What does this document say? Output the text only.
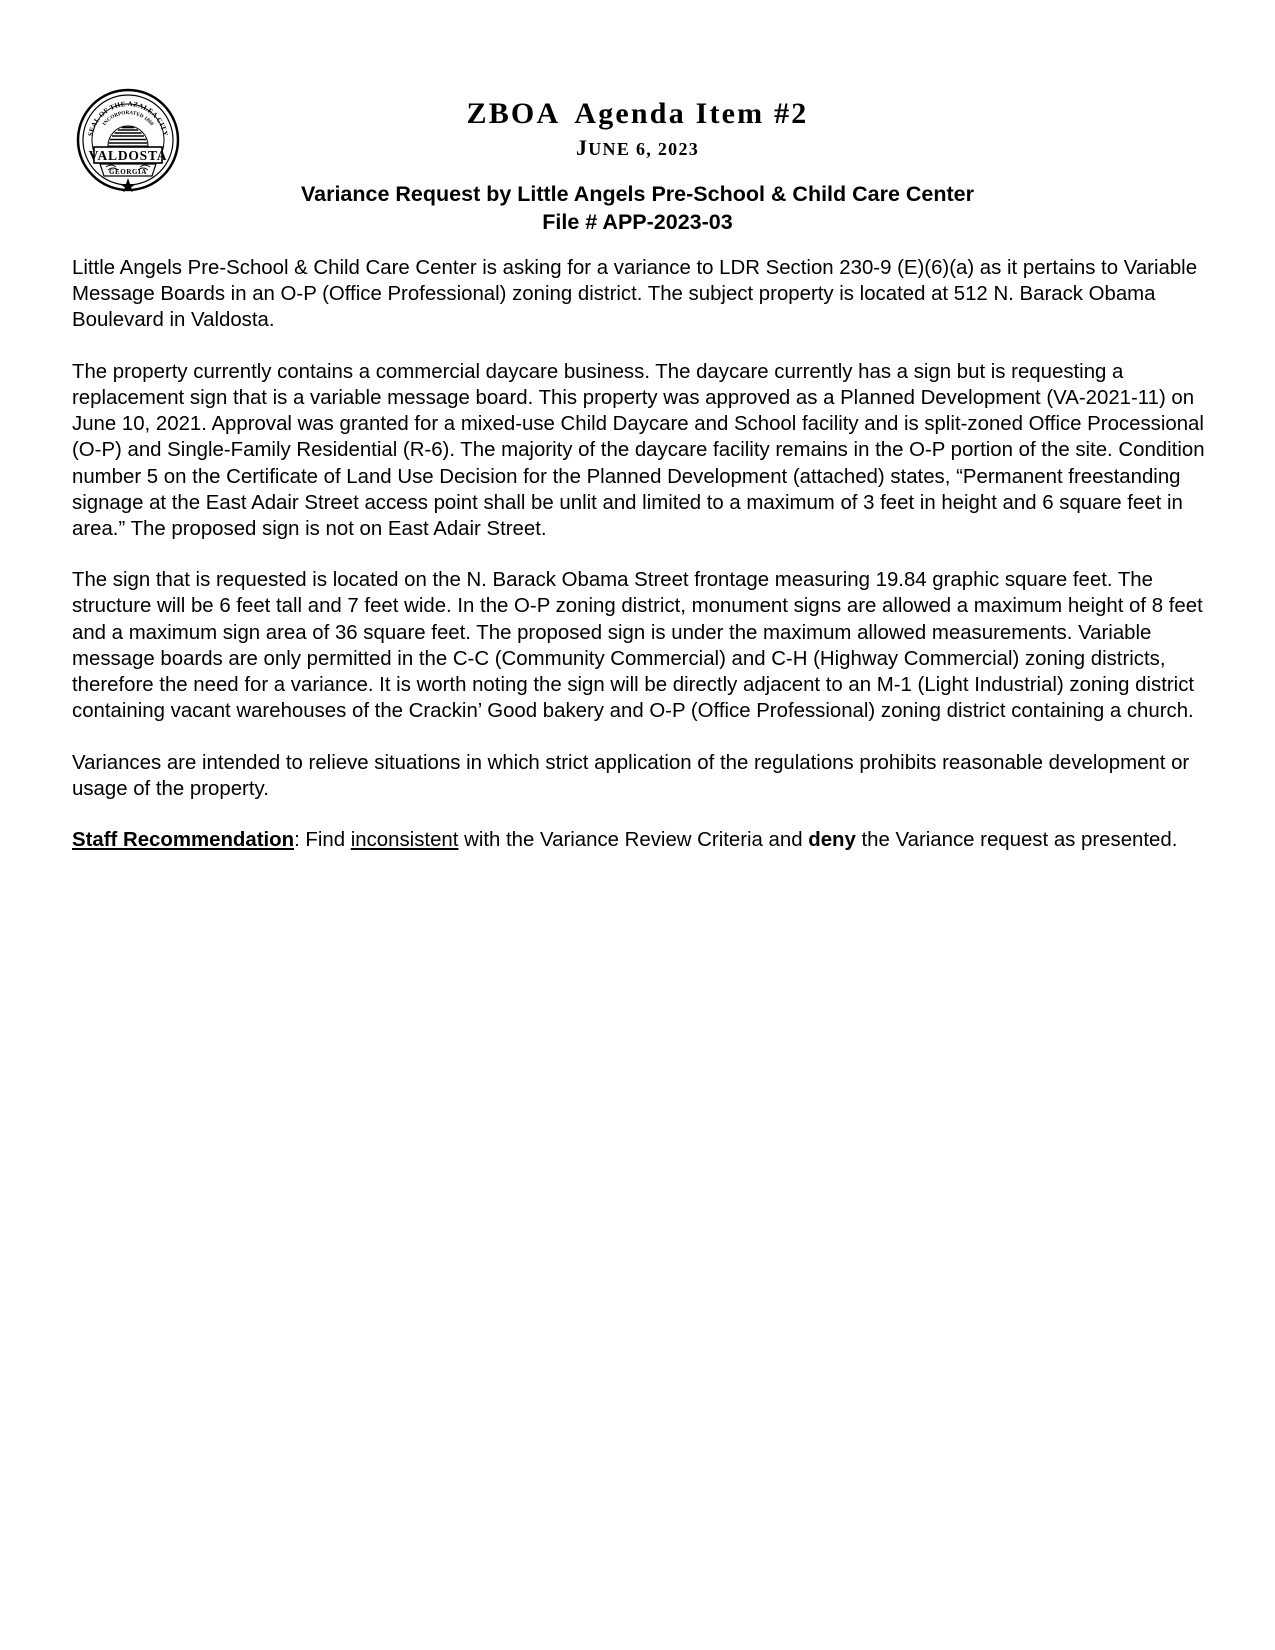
SEAL OF THE AZALEA CITY
INCORPORATED 1860
VALDOSTA
GEORGIA
ZBOA Agenda Item #2
JUNE 6, 2023
Variance Request by Little Angels Pre-School & Child Care Center
File # APP-2023-03

Little Angels Pre-School & Child Care Center is asking for a variance to LDR Section 230-9 (E)(6)(a) as it pertains to Variable Message Boards in an O-P (Office Professional) zoning district. The subject property is located at 512 N. Barack Obama Boulevard in Valdosta.

The property currently contains a commercial daycare business. The daycare currently has a sign but is requesting a replacement sign that is a variable message board. This property was approved as a Planned Development (VA-2021-11) on June 10, 2021. Approval was granted for a mixed-use Child Daycare and School facility and is split-zoned Office Processional (O-P) and Single-Family Residential (R-6). The majority of the daycare facility remains in the O-P portion of the site. Condition number 5 on the Certificate of Land Use Decision for the Planned Development (attached) states, “Permanent freestanding signage at the East Adair Street access point shall be unlit and limited to a maximum of 3 feet in height and 6 square feet in area.” The proposed sign is not on East Adair Street.

The sign that is requested is located on the N. Barack Obama Street frontage measuring 19.84 graphic square feet. The structure will be 6 feet tall and 7 feet wide. In the O-P zoning district, monument signs are allowed a maximum height of 8 feet and a maximum sign area of 36 square feet. The proposed sign is under the maximum allowed measurements. Variable message boards are only permitted in the C-C (Community Commercial) and C-H (Highway Commercial) zoning districts, therefore the need for a variance. It is worth noting the sign will be directly adjacent to an M-1 (Light Industrial) zoning district containing vacant warehouses of the Crackin’ Good bakery and O-P (Office Professional) zoning district containing a church.

Variances are intended to relieve situations in which strict application of the regulations prohibits reasonable development or usage of the property.

Staff Recommendation: Find inconsistent with the Variance Review Criteria and deny the Variance request as presented.
